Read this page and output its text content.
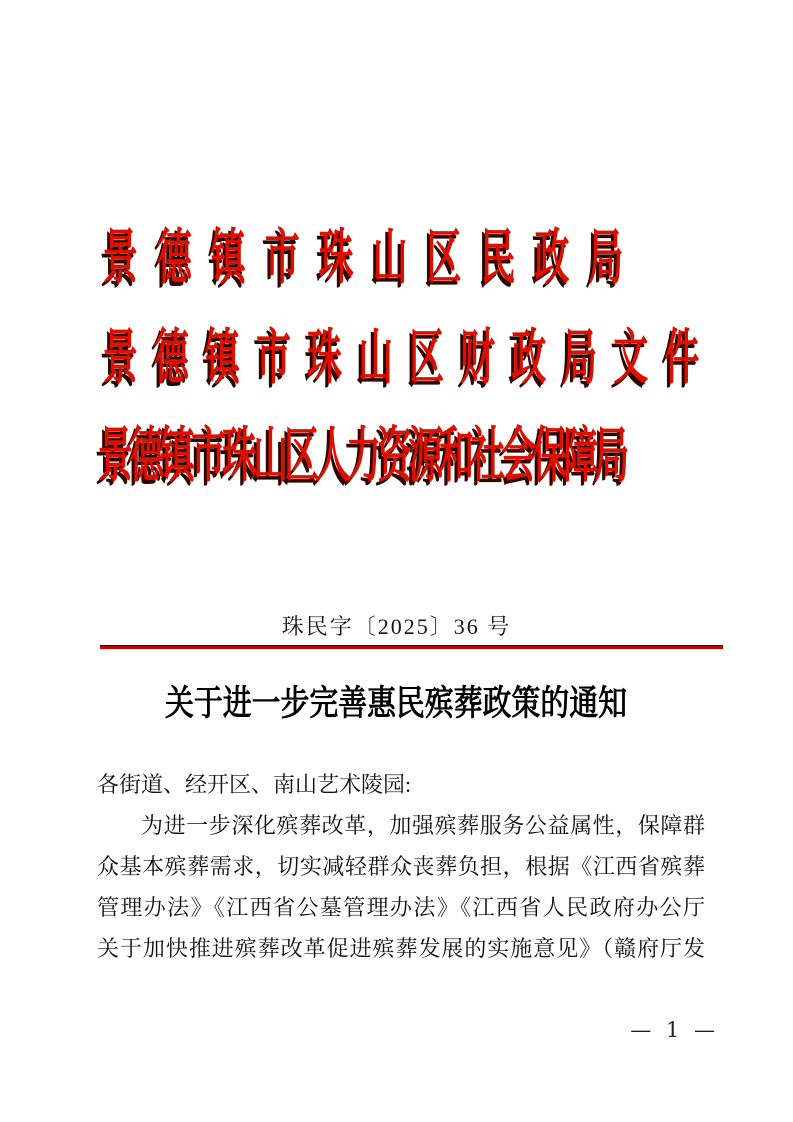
景德镇市珠山区民政局
景德镇市珠山区财政局文件
景德镇市珠山区人力资源和社会保障局
珠民字〔2025〕36 号
关于进一步完善惠民殡葬政策的通知
各街道、经开区、南山艺术陵园:
为进一步深化殡葬改革，加强殡葬服务公益属性，保障群
众基本殡葬需求，切实减轻群众丧葬负担，根据《江西省殡葬
管理办法》《江西省公墓管理办法》《江西省人民政府办公厅
关于加快推进殡葬改革促进殡葬发展的实施意见》（赣府厅发
— 1 —
